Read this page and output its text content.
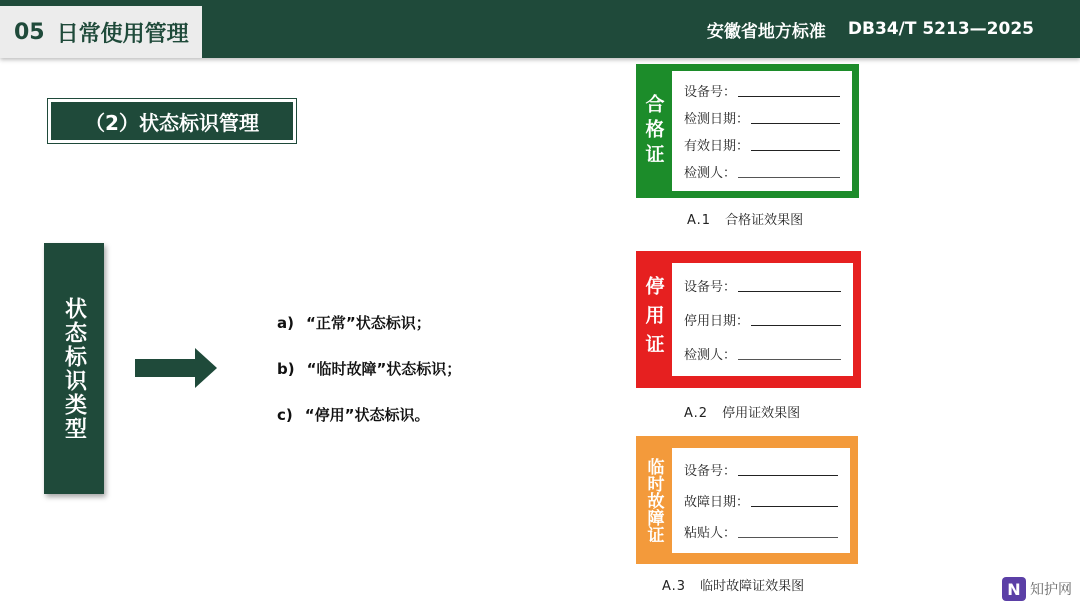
05 日常使用管理	安徽省地方标准 DB34/T 5213—2025
（2）状态标识管理
状态标识类型	a) “正常”状态标识；
b) “临时故障”状态标识；
c) “停用”状态标识。
合格证
设备号：
检测日期：
有效日期：
检测人：
A.1 合格证效果图
停用证 设备号：
停用日期：
检测人：
A.2 停用证效果图
临时故障证 设备号：
故障日期：
粘贴人：
A.3 临时故障证效果图	N 知护网
